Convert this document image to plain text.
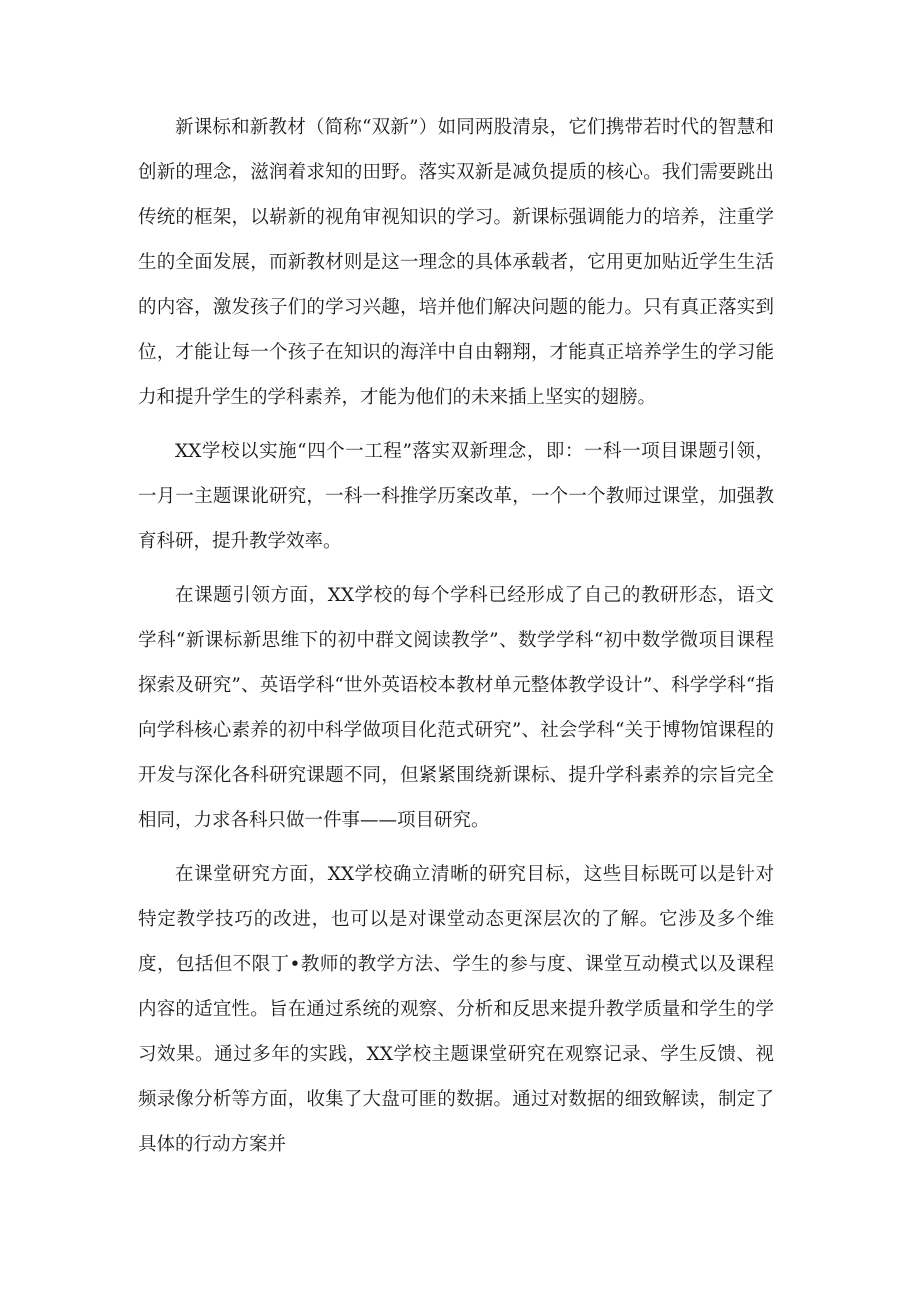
新课标和新教材（简称“双新”）如同两股清泉，它们携带若时代的智慧和创新的理念，滋润着求知的田野。落实双新是减负提质的核心。我们需要跳出传统的框架，以崭新的视角审视知识的学习。新课标强调能力的培养，注重学生的全面发展，而新教材则是这一理念的具体承载者，它用更加贴近学生生活的内容，激发孩子们的学习兴趣，培并他们解决问题的能力。只有真正落实到位，才能让每一个孩子在知识的海洋中自由翱翔，才能真正培养学生的学习能力和提升学生的学科素养，才能为他们的未来插上坚实的翅膀。

XX学校以实施“四个一工程”落实双新理念，即：一科一项目课题引领，一月一主题课讹研究，一科一科推学历案改革，一个一个教师过课堂，加强教育科研，提升教学效率。

在课题引领方面，XX学校的每个学科已经形成了自己的教研形态，语文学科“新课标新思维下的初中群文阅读教学”、数学学科“初中数学微项目课程探索及研究”、英语学科“世外英语校本教材单元整体教学设计”、科学学科“指向学科核心素养的初中科学做项目化范式研究”、社会学科“关于博物馆课程的开发与深化各科研究课题不同，但紧紧围绕新课标、提升学科素养的宗旨完全相同，力求各科只做一件事——项目研究。

在课堂研究方面，XX学校确立清晰的研究目标，这些目标既可以是针对特定教学技巧的改进，也可以是对课堂动态更深层次的了解。它涉及多个维度，包括但不限丁•教师的教学方法、学生的参与度、课堂互动模式以及课程内容的适宜性。旨在通过系统的观察、分析和反思来提升教学质量和学生的学习效果。通过多年的实践，XX学校主题课堂研究在观察记录、学生反馈、视频录像分析等方面，收集了大盘可匪的数据。通过对数据的细致解读，制定了具体的行动方案并
